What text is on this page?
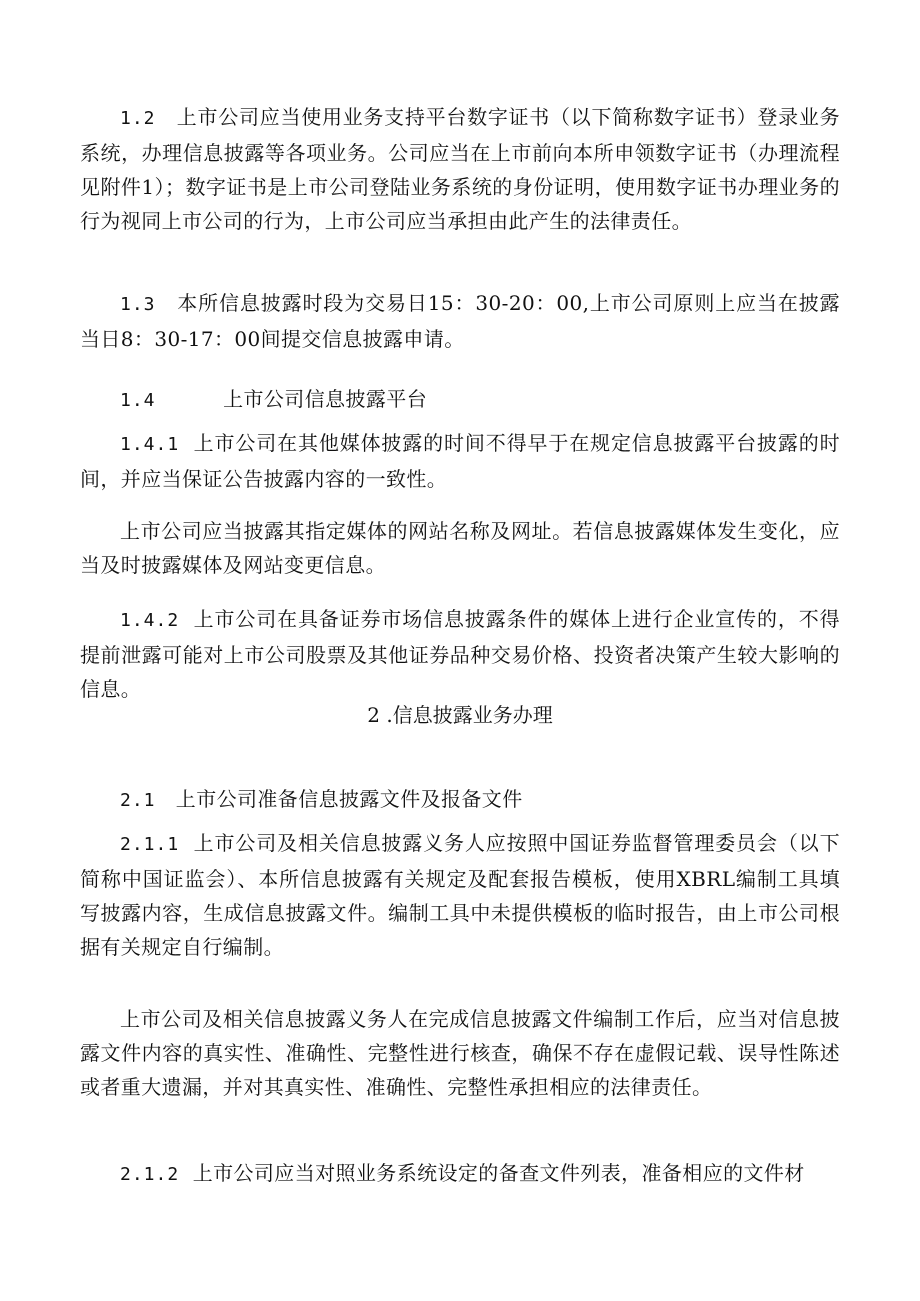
1.2 上市公司应当使用业务支持平台数字证书（以下简称数字证书）登录业务系统，办理信息披露等各项业务。公司应当在上市前向本所申领数字证书（办理流程见附件1）；数字证书是上市公司登陆业务系统的身份证明，使用数字证书办理业务的行为视同上市公司的行为，上市公司应当承担由此产生的法律责任。

1.3 本所信息披露时段为交易日15：30-20：00,上市公司原则上应当在披露当日8：30-17：00间提交信息披露申请。

1.4	上市公司信息披露平台

1.4.1 上市公司在其他媒体披露的时间不得早于在规定信息披露平台披露的时间，并应当保证公告披露内容的一致性。

上市公司应当披露其指定媒体的网站名称及网址。若信息披露媒体发生变化，应当及时披露媒体及网站变更信息。

1.4.2 上市公司在具备证券市场信息披露条件的媒体上进行企业宣传的，不得提前泄露可能对上市公司股票及其他证券品种交易价格、投资者决策产生较大影响的信息。

2 .信息披露业务办理

2.1 上市公司准备信息披露文件及报备文件

2.1.1 上市公司及相关信息披露义务人应按照中国证券监督管理委员会（以下简称中国证监会）、本所信息披露有关规定及配套报告模板，使用XBRL编制工具填写披露内容，生成信息披露文件。编制工具中未提供模板的临时报告，由上市公司根据有关规定自行编制。

上市公司及相关信息披露义务人在完成信息披露文件编制工作后，应当对信息披露文件内容的真实性、准确性、完整性进行核查，确保不存在虚假记载、误导性陈述或者重大遗漏，并对其真实性、准确性、完整性承担相应的法律责任。

2.1.2 上市公司应当对照业务系统设定的备查文件列表，准备相应的文件材
